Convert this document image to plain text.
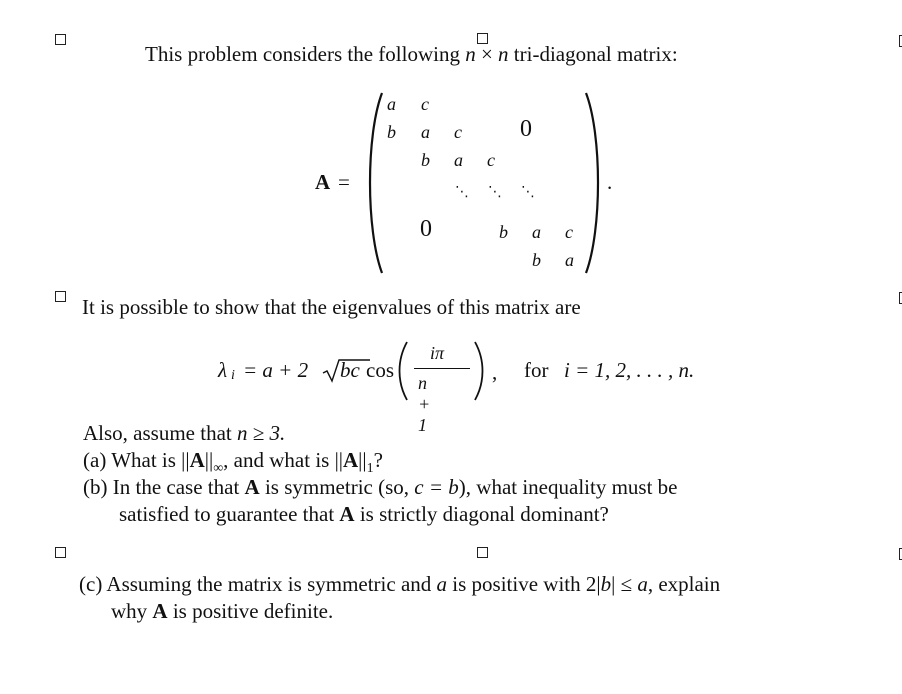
This problem considers the following n × n tri-diagonal matrix:
A =
a c
b a c 0
b a c
⋱ ⋱ ⋱
0	b a c
b a
.
It is possible to show that the eigenvalues of this matrix are
λ i = a + 2 bc cos
iπ
n + 1
, for i = 1, 2, . . . , n.
Also, assume that n ≥ 3.
(a) What is $||A||_\infty$, and what is $||A||_1$?
(b) In the case that A is symmetric (so, c = b), what inequality must be
satisfied to guarantee that A is strictly diagonal dominant?
(c) Assuming the matrix is symmetric and a is positive with 2|b| ≤ a, explain
why A is positive definite.
